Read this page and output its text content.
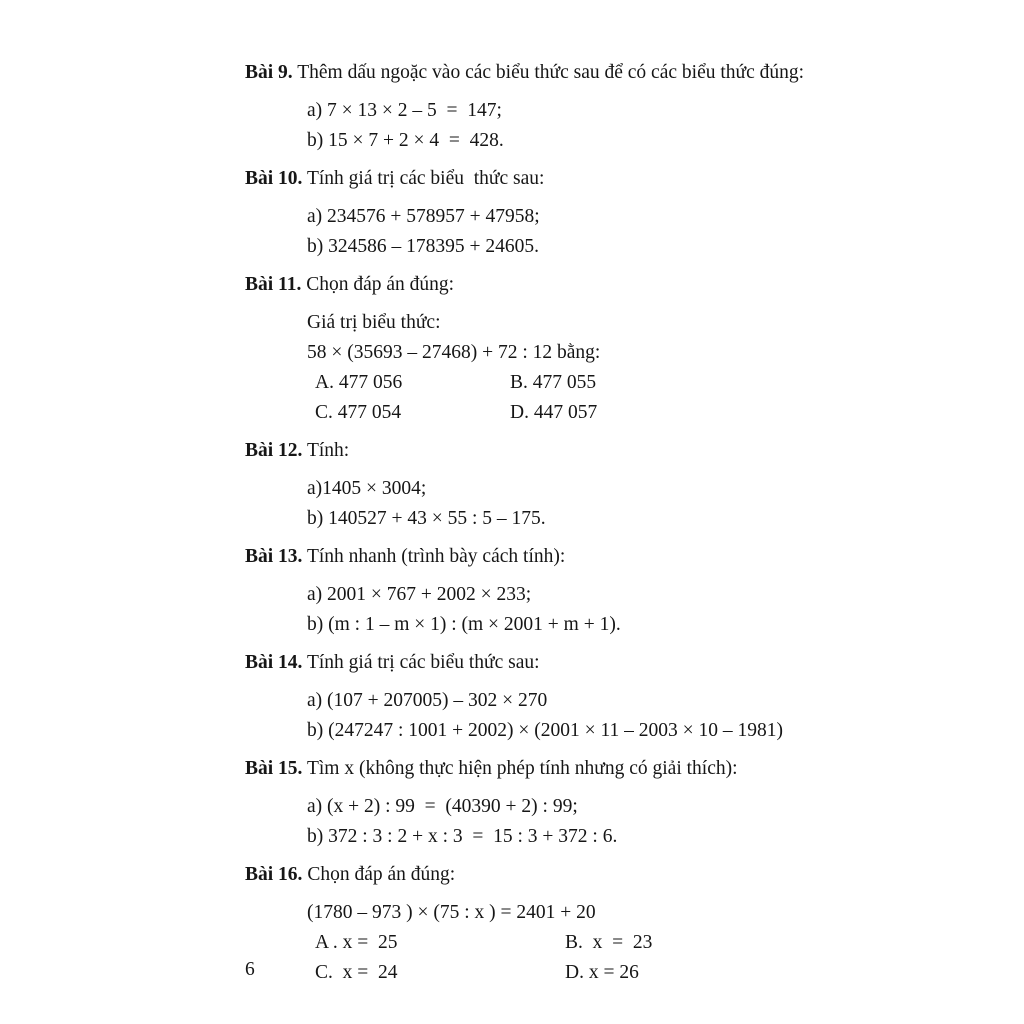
Bài 9. Thêm dấu ngoặc vào các biểu thức sau để có các biểu thức đúng:

a) 7 × 13 × 2 – 5  =  147;

b) 15 × 7 + 2 × 4  =  428.

Bài 10. Tính giá trị các biểu  thức sau:

a) 234576 + 578957 + 47958;

b) 324586 – 178395 + 24605.

Bài 11. Chọn đáp án đúng:

Giá trị biểu thức:

58 × (35693 – 27468) + 72 : 12 bằng:

A. 477 056	B. 477 055
C. 477 054	D. 447 057

Bài 12. Tính:

a)1405 × 3004;

b) 140527 + 43 × 55 : 5 – 175.

Bài 13. Tính nhanh (trình bày cách tính):

a) 2001 × 767 + 2002 × 233;

b) (m : 1 – m × 1) : (m × 2001 + m + 1).

Bài 14. Tính giá trị các biểu thức sau:

a) (107 + 207005) – 302 × 270

b) (247247 : 1001 + 2002) × (2001 × 11 – 2003 × 10 – 1981)

Bài 15. Tìm x (không thực hiện phép tính nhưng có giải thích):

a) (x + 2) : 99  =  (40390 + 2) : 99;

b) 372 : 3 : 2 + x : 3  =  15 : 3 + 372 : 6.

Bài 16. Chọn đáp án đúng:

(1780 – 973 ) × (75 : x ) = 2401 + 20

A . x =  25	B.  x  =  23
C.  x =  24	D. x = 26
6
